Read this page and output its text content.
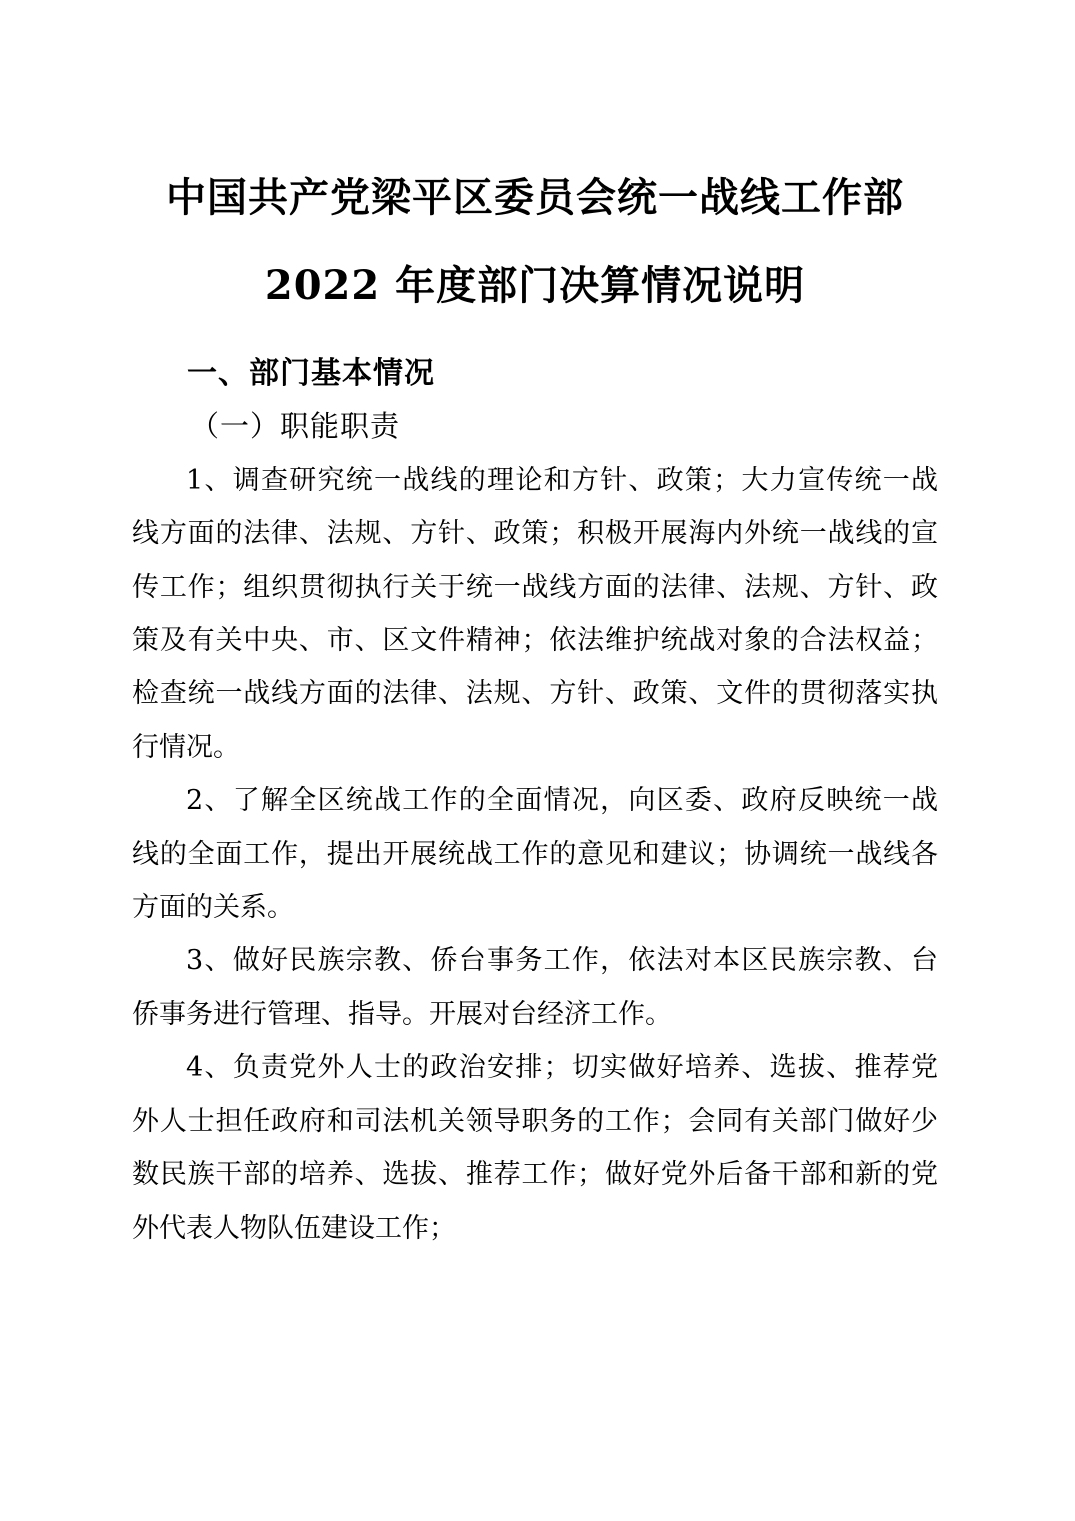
中国共产党梁平区委员会统一战线工作部
2022 年度部门决算情况说明
一、部门基本情况
（一）职能职责
1、调查研究统一战线的理论和方针、政策；大力宣传统一战
线方面的法律、法规、方针、政策；积极开展海内外统一战线的宣
传工作；组织贯彻执行关于统一战线方面的法律、法规、方针、政
策及有关中央、市、区文件精神；依法维护统战对象的合法权益；
检查统一战线方面的法律、法规、方针、政策、文件的贯彻落实执
行情况。
2、了解全区统战工作的全面情况，向区委、政府反映统一战
线的全面工作，提出开展统战工作的意见和建议；协调统一战线各
方面的关系。
3、做好民族宗教、侨台事务工作，依法对本区民族宗教、台
侨事务进行管理、指导。开展对台经济工作。
4、负责党外人士的政治安排；切实做好培养、选拔、推荐党
外人士担任政府和司法机关领导职务的工作；会同有关部门做好少
数民族干部的培养、选拔、推荐工作；做好党外后备干部和新的党
外代表人物队伍建设工作；
